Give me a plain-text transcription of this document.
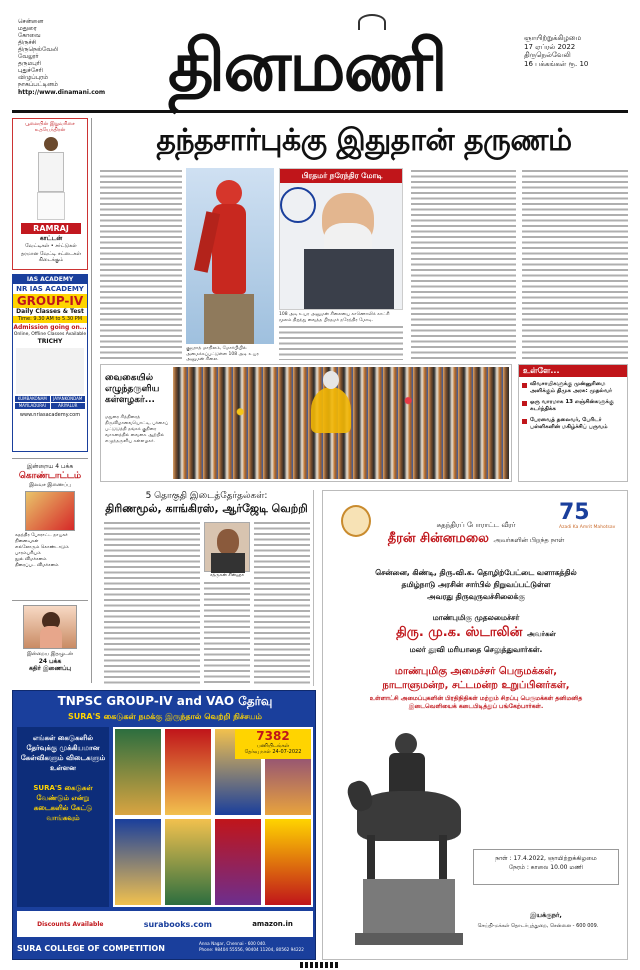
சென்னை
மதுரை
கோவை
திருச்சி
திருநெல்வேலி
வேலூர்
தருமபுரி
புதுச்சேரி
விழுப்புரம்
நாகப்பட்டினம்
http://www.dinamani.com தினமணி	ஞாயிற்றுக்கிழமை
17 ஏப்ரல் 2022
திருநெல்வேலி
16 பக்கங்கள் ரூ. 10
பூலையின் இறுவரிசை உதயேந்திரன்
RAMRAJ
காட்டன்
வேட்டிகள் • சர்ட்டுகள்
தரமான வேட்டி சட்டைகள் கிடைக்கும்
IAS ACADEMY
NR IAS ACADEMY
GROUP-IV
Daily Classes & Test
Time: 9.30 AM to 5.30 PM
Admission going on...
Online, Offline Classes Available
TRICHY
KUMBAKONAM	JAYANKONDAM
MAYILADURAI	ARIYALUR
www.nriasacademy.com
இன்றைய 4 பக்க
கொண்டாட்டம்
இலவச இணைப்பு
சுதந்திர போராட்ட நாயகர் நினைவுகள்
எல்லோரும் கொண்டாடும் பாரம்பரியம்
நூல் விமர்சனம்
திரைப்பட விமர்சனம்
இன்றைய இதழுடன்
24 பக்க
கதிர் இணைப்பு
தந்தசார்புக்கு இதுதான் தருணம்
குஜராத் மாநிலம், மோர்பியில் அமைக்கப்பட்டுள்ள 108 அடி உயர அனுமன் சிலை.
பிரதமர் நரேந்திர மோடி
108 அடி உயர அனுமன் சிலையை காணொலிக் காட்சி மூலம் திறந்து வைத்த பிரதமர் நரேந்திர மோடி.
வைகையில் எழுந்தருளிய கள்ளழகர்...
மதுரை சித்திரைத் திருவிழாவையொட்டி, பச்சைப் பட்டுடுத்தி தங்கக் குதிரை வாகனத்தில் வைகை ஆற்றில் எழுந்தருளிய கள்ளழகர்.
உள்ளே...
விவசாயிகளுக்கு முன்னுரிமை அளிக்கும் திமுக அரசு: முதல்வர்
ஒரு வாரமாக 13 எஞ்சின்களுக்கு சுடர்ந்திக்க
பேரவைத் தலைவர், பேரிடர் பள்ளிகளின் மகிழ்ச்சிப் பருவம்
5 தொகுதி இடைத்தேர்தல்கள்:
திரிணமூல், காங்கிரஸ், ஆர்ஜேடி வெற்றி
சத்ருகன் சின்ஹா
75
Azadi Ka Amrit Mahotsav
சுதந்திரப் போராட்ட வீரர்
தீரன் சின்னமலை அவர்களின் பிறந்த நாள்
சென்னை, கிண்டி, திரு.வி.க. தொழிற்பேட்டை வளாகத்தில்
தமிழ்நாடு அரசின் சார்பில் நிறுவப்பட்டுள்ள
அவரது திருவுருவச்சிலைக்கு
மாண்புமிகு முதலமைச்சர்
திரு. மு.க. ஸ்டாலின் அவர்கள்
மலர் தூவி மரியாதை செலுத்துவார்கள்.
மாண்புமிகு அமைச்சர் பெருமக்கள்,
நாடாளுமன்ற, சட்டமன்ற உறுப்பினர்கள்,
உள்ளாட்சி அமைப்புகளின் பிரதிநிதிகள் மற்றும் சிறப்பு பெருமக்கள் தனிமனித இடைவெளியைக் கடைபிடித்துப் பங்கேற்பார்கள்.
நாள் : 17.4.2022, ஞாயிற்றுக்கிழமை
நேரம் : காலை 10.00 மணி
இயக்குநர்,
செய்தி-மக்கள் தொடர்புத்துறை, சென்னை - 600 009.
TNPSC GROUP-IV and VAO தேர்வு
SURA'S கைடுகள் நமக்கு இருந்தால் வெற்றி நிச்சயம்
எங்கள் கைடுகளில் தேர்வுக்கு முக்கியமான கேள்விகளும் விடைகளும் உள்ளன
SURA'S கைடுகள் வேண்டும் என்று கடைகளில் கேட்டு வாங்கவும்
7382
பணியிடங்கள்
தேர்வு நாள் 24-07-2022
Discounts Available	surabooks.com	amazon.in
SURA COLLEGE OF COMPETITION
Anna Nagar, Chennai - 600 040.
Phone: 98404 55556, 90404 11204, 80562 94222
